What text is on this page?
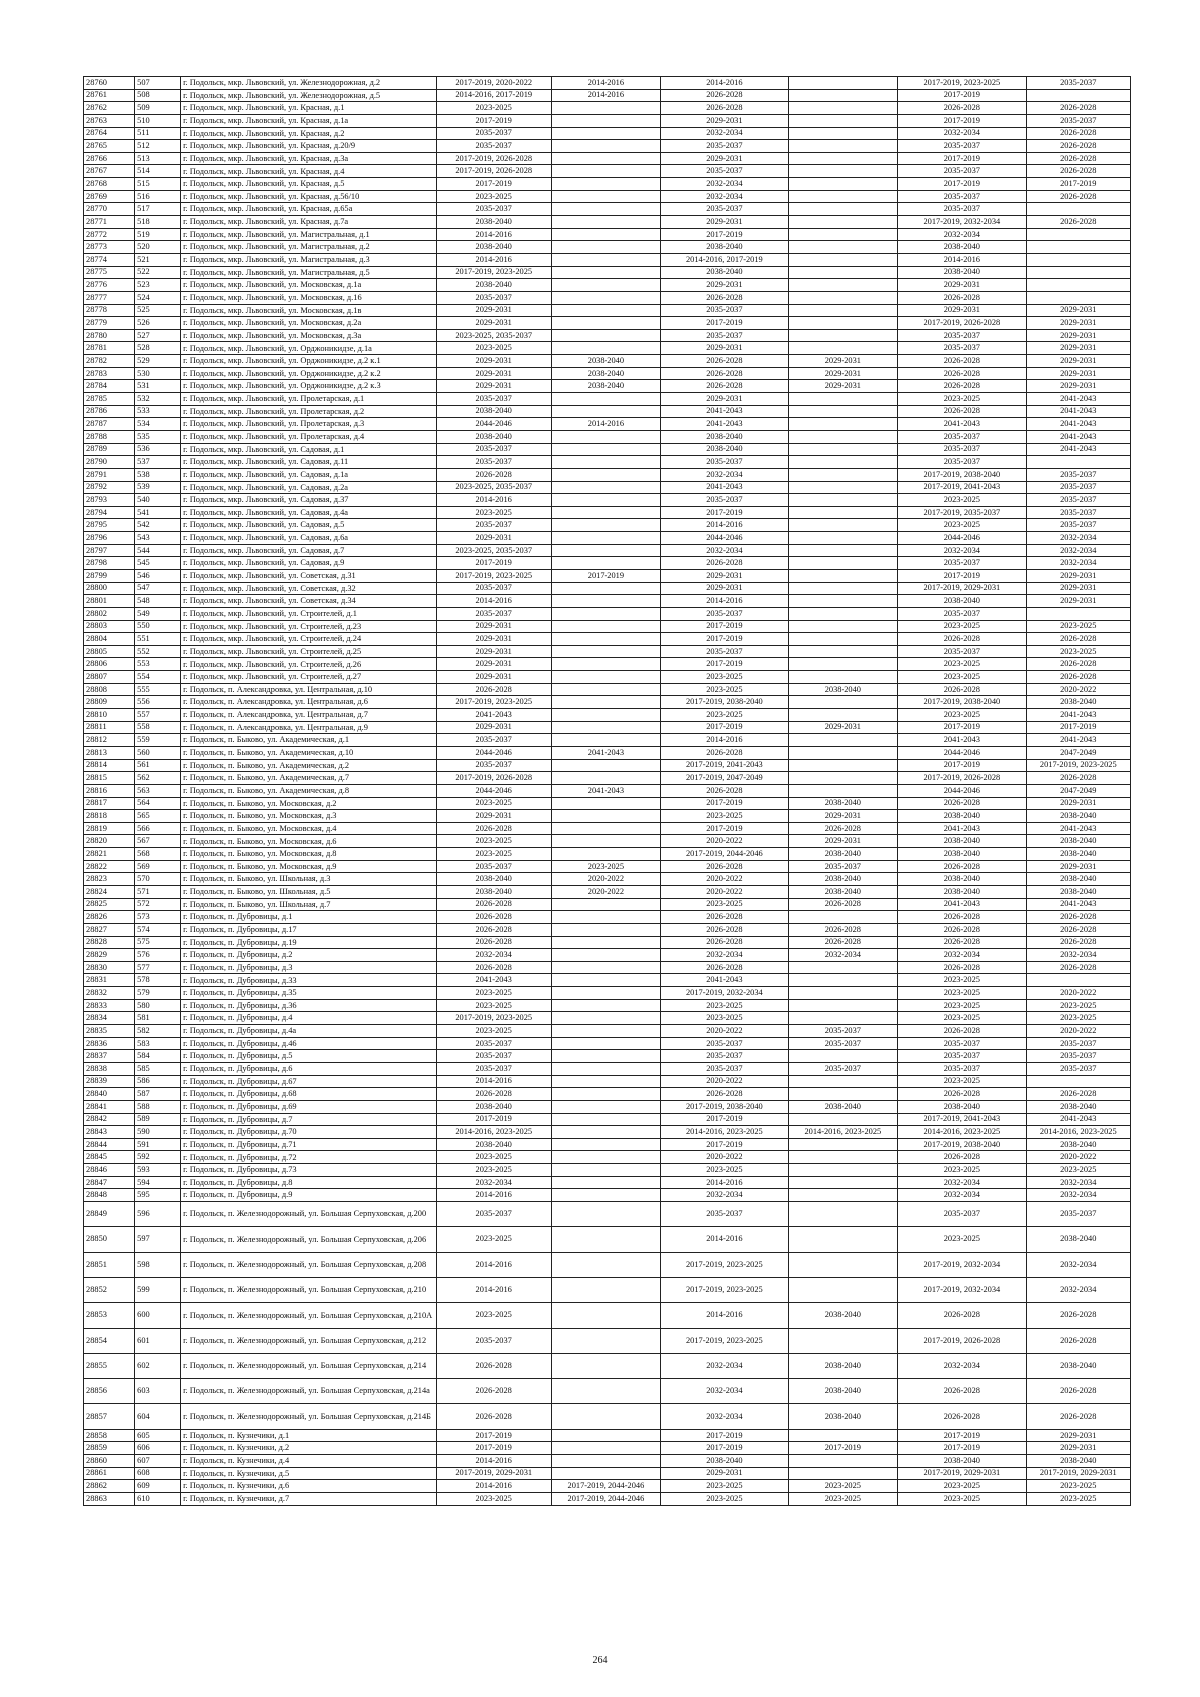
28760	507	г. Подольск, мкр. Львовский, ул. Железнодорожная, д.2	2017-2019, 2020-2022	2014-2016	2014-2016		2017-2019, 2023-2025	2035-2037
28761	508	г. Подольск, мкр. Львовский, ул. Железнодорожная, д.5	2014-2016, 2017-2019	2014-2016	2026-2028		2017-2019	
28762	509	г. Подольск, мкр. Львовский, ул. Красная, д.1	2023-2025		2026-2028		2026-2028	2026-2028
28763	510	г. Подольск, мкр. Львовский, ул. Красная, д.1а	2017-2019		2029-2031		2017-2019	2035-2037
28764	511	г. Подольск, мкр. Львовский, ул. Красная, д.2	2035-2037		2032-2034		2032-2034	2026-2028
28765	512	г. Подольск, мкр. Львовский, ул. Красная, д.20/9	2035-2037		2035-2037		2035-2037	2026-2028
28766	513	г. Подольск, мкр. Львовский, ул. Красная, д.3а	2017-2019, 2026-2028		2029-2031		2017-2019	2026-2028
28767	514	г. Подольск, мкр. Львовский, ул. Красная, д.4	2017-2019, 2026-2028		2035-2037		2035-2037	2026-2028
28768	515	г. Подольск, мкр. Львовский, ул. Красная, д.5	2017-2019		2032-2034		2017-2019	2017-2019
28769	516	г. Подольск, мкр. Львовский, ул. Красная, д.56/10	2023-2025		2032-2034		2035-2037	2026-2028
28770	517	г. Подольск, мкр. Львовский, ул. Красная, д.65а	2035-2037		2035-2037		2035-2037	
28771	518	г. Подольск, мкр. Львовский, ул. Красная, д.7а	2038-2040		2029-2031		2017-2019, 2032-2034	2026-2028
28772	519	г. Подольск, мкр. Львовский, ул. Магистральная, д.1	2014-2016		2017-2019		2032-2034	
28773	520	г. Подольск, мкр. Львовский, ул. Магистральная, д.2	2038-2040		2038-2040		2038-2040	
28774	521	г. Подольск, мкр. Львовский, ул. Магистральная, д.3	2014-2016		2014-2016, 2017-2019		2014-2016	
28775	522	г. Подольск, мкр. Львовский, ул. Магистральная, д.5	2017-2019, 2023-2025		2038-2040		2038-2040	
28776	523	г. Подольск, мкр. Львовский, ул. Московская, д.1а	2038-2040		2029-2031		2029-2031	
28777	524	г. Подольск, мкр. Львовский, ул. Московская, д.16	2035-2037		2026-2028		2026-2028	
28778	525	г. Подольск, мкр. Львовский, ул. Московская, д.1в	2029-2031		2035-2037		2029-2031	2029-2031
28779	526	г. Подольск, мкр. Львовский, ул. Московская, д.2а	2029-2031		2017-2019		2017-2019, 2026-2028	2029-2031
28780	527	г. Подольск, мкр. Львовский, ул. Московская, д.3а	2023-2025, 2035-2037		2035-2037		2035-2037	2029-2031
28781	528	г. Подольск, мкр. Львовский, ул. Орджоникидзе, д.1а	2023-2025		2029-2031		2035-2037	2029-2031
28782	529	г. Подольск, мкр. Львовский, ул. Орджоникидзе, д.2 к.1	2029-2031	2038-2040	2026-2028	2029-2031	2026-2028	2029-2031
28783	530	г. Подольск, мкр. Львовский, ул. Орджоникидзе, д.2 к.2	2029-2031	2038-2040	2026-2028	2029-2031	2026-2028	2029-2031
28784	531	г. Подольск, мкр. Львовский, ул. Орджоникидзе, д.2 к.3	2029-2031	2038-2040	2026-2028	2029-2031	2026-2028	2029-2031
28785	532	г. Подольск, мкр. Львовский, ул. Пролетарская, д.1	2035-2037		2029-2031		2023-2025	2041-2043
28786	533	г. Подольск, мкр. Львовский, ул. Пролетарская, д.2	2038-2040		2041-2043		2026-2028	2041-2043
28787	534	г. Подольск, мкр. Львовский, ул. Пролетарская, д.3	2044-2046	2014-2016	2041-2043		2041-2043	2041-2043
28788	535	г. Подольск, мкр. Львовский, ул. Пролетарская, д.4	2038-2040		2038-2040		2035-2037	2041-2043
28789	536	г. Подольск, мкр. Львовский, ул. Садовая, д.1	2035-2037		2038-2040		2035-2037	2041-2043
28790	537	г. Подольск, мкр. Львовский, ул. Садовая, д.11	2035-2037		2035-2037		2035-2037	
28791	538	г. Подольск, мкр. Львовский, ул. Садовая, д.1а	2026-2028		2032-2034		2017-2019, 2038-2040	2035-2037
28792	539	г. Подольск, мкр. Львовский, ул. Садовая, д.2а	2023-2025, 2035-2037		2041-2043		2017-2019, 2041-2043	2035-2037
28793	540	г. Подольск, мкр. Львовский, ул. Садовая, д.37	2014-2016		2035-2037		2023-2025	2035-2037
28794	541	г. Подольск, мкр. Львовский, ул. Садовая, д.4а	2023-2025		2017-2019		2017-2019, 2035-2037	2035-2037
28795	542	г. Подольск, мкр. Львовский, ул. Садовая, д.5	2035-2037		2014-2016		2023-2025	2035-2037
28796	543	г. Подольск, мкр. Львовский, ул. Садовая, д.6а	2029-2031		2044-2046		2044-2046	2032-2034
28797	544	г. Подольск, мкр. Львовский, ул. Садовая, д.7	2023-2025, 2035-2037		2032-2034		2032-2034	2032-2034
28798	545	г. Подольск, мкр. Львовский, ул. Садовая, д.9	2017-2019		2026-2028		2035-2037	2032-2034
28799	546	г. Подольск, мкр. Львовский, ул. Советская, д.31	2017-2019, 2023-2025	2017-2019	2029-2031		2017-2019	2029-2031
28800	547	г. Подольск, мкр. Львовский, ул. Советская, д.32	2035-2037		2029-2031		2017-2019, 2029-2031	2029-2031
28801	548	г. Подольск, мкр. Львовский, ул. Советская, д.34	2014-2016		2014-2016		2038-2040	2029-2031
28802	549	г. Подольск, мкр. Львовский, ул. Строителей, д.1	2035-2037		2035-2037		2035-2037	
28803	550	г. Подольск, мкр. Львовский, ул. Строителей, д.23	2029-2031		2017-2019		2023-2025	2023-2025
28804	551	г. Подольск, мкр. Львовский, ул. Строителей, д.24	2029-2031		2017-2019		2026-2028	2026-2028
28805	552	г. Подольск, мкр. Львовский, ул. Строителей, д.25	2029-2031		2035-2037		2035-2037	2023-2025
28806	553	г. Подольск, мкр. Львовский, ул. Строителей, д.26	2029-2031		2017-2019		2023-2025	2026-2028
28807	554	г. Подольск, мкр. Львовский, ул. Строителей, д.27	2029-2031		2023-2025		2023-2025	2026-2028
28808	555	г. Подольск, п. Александровка, ул. Центральная, д.10	2026-2028		2023-2025	2038-2040	2026-2028	2020-2022
28809	556	г. Подольск, п. Александровка, ул. Центральная, д.6	2017-2019, 2023-2025		2017-2019, 2038-2040		2017-2019, 2038-2040	2038-2040
28810	557	г. Подольск, п. Александровка, ул. Центральная, д.7	2041-2043		2023-2025		2023-2025	2041-2043
28811	558	г. Подольск, п. Александровка, ул. Центральная, д.9	2029-2031		2017-2019	2029-2031	2017-2019	2017-2019
28812	559	г. Подольск, п. Быково, ул. Академическая, д.1	2035-2037		2014-2016		2041-2043	2041-2043
28813	560	г. Подольск, п. Быково, ул. Академическая, д.10	2044-2046	2041-2043	2026-2028		2044-2046	2047-2049
28814	561	г. Подольск, п. Быково, ул. Академическая, д.2	2035-2037		2017-2019, 2041-2043		2017-2019	2017-2019, 2023-2025
28815	562	г. Подольск, п. Быково, ул. Академическая, д.7	2017-2019, 2026-2028		2017-2019, 2047-2049		2017-2019, 2026-2028	2026-2028
28816	563	г. Подольск, п. Быково, ул. Академическая, д.8	2044-2046	2041-2043	2026-2028		2044-2046	2047-2049
28817	564	г. Подольск, п. Быково, ул. Московская, д.2	2023-2025		2017-2019	2038-2040	2026-2028	2029-2031
28818	565	г. Подольск, п. Быково, ул. Московская, д.3	2029-2031		2023-2025	2029-2031	2038-2040	2038-2040
28819	566	г. Подольск, п. Быково, ул. Московская, д.4	2026-2028		2017-2019	2026-2028	2041-2043	2041-2043
28820	567	г. Подольск, п. Быково, ул. Московская, д.6	2023-2025		2020-2022	2029-2031	2038-2040	2038-2040
28821	568	г. Подольск, п. Быково, ул. Московская, д.8	2023-2025		2017-2019, 2044-2046	2038-2040	2038-2040	2038-2040
28822	569	г. Подольск, п. Быково, ул. Московская, д.9	2035-2037	2023-2025	2026-2028	2035-2037	2026-2028	2029-2031
28823	570	г. Подольск, п. Быково, ул. Школьная, д.3	2038-2040	2020-2022	2020-2022	2038-2040	2038-2040	2038-2040
28824	571	г. Подольск, п. Быково, ул. Школьная, д.5	2038-2040	2020-2022	2020-2022	2038-2040	2038-2040	2038-2040
28825	572	г. Подольск, п. Быково, ул. Школьная, д.7	2026-2028		2023-2025	2026-2028	2041-2043	2041-2043
28826	573	г. Подольск, п. Дубровицы, д.1	2026-2028		2026-2028		2026-2028	2026-2028
28827	574	г. Подольск, п. Дубровицы, д.17	2026-2028		2026-2028	2026-2028	2026-2028	2026-2028
28828	575	г. Подольск, п. Дубровицы, д.19	2026-2028		2026-2028	2026-2028	2026-2028	2026-2028
28829	576	г. Подольск, п. Дубровицы, д.2	2032-2034		2032-2034	2032-2034	2032-2034	2032-2034
28830	577	г. Подольск, п. Дубровицы, д.3	2026-2028		2026-2028		2026-2028	2026-2028
28831	578	г. Подольск, п. Дубровицы, д.33	2041-2043		2041-2043		2023-2025	
28832	579	г. Подольск, п. Дубровицы, д.35	2023-2025		2017-2019, 2032-2034		2023-2025	2020-2022
28833	580	г. Подольск, п. Дубровицы, д.36	2023-2025		2023-2025		2023-2025	2023-2025
28834	581	г. Подольск, п. Дубровицы, д.4	2017-2019, 2023-2025		2023-2025		2023-2025	2023-2025
28835	582	г. Подольск, п. Дубровицы, д.4а	2023-2025		2020-2022	2035-2037	2026-2028	2020-2022
28836	583	г. Подольск, п. Дубровицы, д.46	2035-2037		2035-2037	2035-2037	2035-2037	2035-2037
28837	584	г. Подольск, п. Дубровицы, д.5	2035-2037		2035-2037		2035-2037	2035-2037
28838	585	г. Подольск, п. Дубровицы, д.6	2035-2037		2035-2037	2035-2037	2035-2037	2035-2037
28839	586	г. Подольск, п. Дубровицы, д.67	2014-2016		2020-2022		2023-2025	
28840	587	г. Подольск, п. Дубровицы, д.68	2026-2028		2026-2028		2026-2028	2026-2028
28841	588	г. Подольск, п. Дубровицы, д.69	2038-2040		2017-2019, 2038-2040	2038-2040	2038-2040	2038-2040
28842	589	г. Подольск, п. Дубровицы, д.7	2017-2019		2017-2019		2017-2019, 2041-2043	2041-2043
28843	590	г. Подольск, п. Дубровицы, д.70	2014-2016, 2023-2025		2014-2016, 2023-2025	2014-2016, 2023-2025	2014-2016, 2023-2025	2014-2016, 2023-2025
28844	591	г. Подольск, п. Дубровицы, д.71	2038-2040		2017-2019		2017-2019, 2038-2040	2038-2040
28845	592	г. Подольск, п. Дубровицы, д.72	2023-2025		2020-2022		2026-2028	2020-2022
28846	593	г. Подольск, п. Дубровицы, д.73	2023-2025		2023-2025		2023-2025	2023-2025
28847	594	г. Подольск, п. Дубровицы, д.8	2032-2034		2014-2016		2032-2034	2032-2034
28848	595	г. Подольск, п. Дубровицы, д.9	2014-2016		2032-2034		2032-2034	2032-2034
28849	596	г. Подольск, п. Железнодорожный, ул. Большая Серпуховская, д.200	2035-2037		2035-2037		2035-2037	2035-2037
28850	597	г. Подольск, п. Железнодорожный, ул. Большая Серпуховская, д.206	2023-2025		2014-2016		2023-2025	2038-2040
28851	598	г. Подольск, п. Железнодорожный, ул. Большая Серпуховская, д.208	2014-2016		2017-2019, 2023-2025		2017-2019, 2032-2034	2032-2034
28852	599	г. Подольск, п. Железнодорожный, ул. Большая Серпуховская, д.210	2014-2016		2017-2019, 2023-2025		2017-2019, 2032-2034	2032-2034
28853	600	г. Подольск, п. Железнодорожный, ул. Большая Серпуховская, д.210А	2023-2025		2014-2016	2038-2040	2026-2028	2026-2028
28854	601	г. Подольск, п. Железнодорожный, ул. Большая Серпуховская, д.212	2035-2037		2017-2019, 2023-2025		2017-2019, 2026-2028	2026-2028
28855	602	г. Подольск, п. Железнодорожный, ул. Большая Серпуховская, д.214	2026-2028		2032-2034	2038-2040	2032-2034	2038-2040
28856	603	г. Подольск, п. Железнодорожный, ул. Большая Серпуховская, д.214а	2026-2028		2032-2034	2038-2040	2026-2028	2026-2028
28857	604	г. Подольск, п. Железнодорожный, ул. Большая Серпуховская, д.214Б	2026-2028		2032-2034	2038-2040	2026-2028	2026-2028
28858	605	г. Подольск, п. Кузнечики, д.1	2017-2019		2017-2019		2017-2019	2029-2031
28859	606	г. Подольск, п. Кузнечики, д.2	2017-2019		2017-2019	2017-2019	2017-2019	2029-2031
28860	607	г. Подольск, п. Кузнечики, д.4	2014-2016		2038-2040		2038-2040	2038-2040
28861	608	г. Подольск, п. Кузнечики, д.5	2017-2019, 2029-2031		2029-2031		2017-2019, 2029-2031	2017-2019, 2029-2031
28862	609	г. Подольск, п. Кузнечики, д.6	2014-2016	2017-2019, 2044-2046	2023-2025	2023-2025	2023-2025	2023-2025
28863	610	г. Подольск, п. Кузнечики, д.7	2023-2025	2017-2019, 2044-2046	2023-2025	2023-2025	2023-2025	2023-2025
264
